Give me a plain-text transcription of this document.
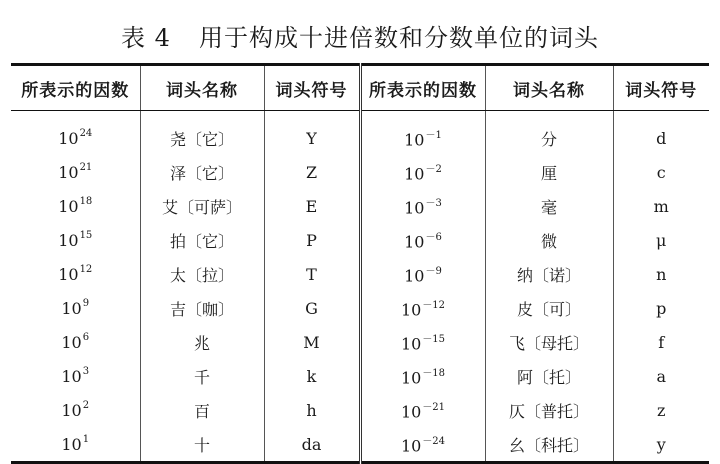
表 4 用于构成十进倍数和分数单位的词头
所表示的因数	词头名称	词头符号	所表示的因数	词头名称	词头符号
$10^{24}$	尧〔它〕	Y	$10^{-1}$	分	d
$10^{21}$	泽〔它〕	Z	$10^{-2}$	厘	c
$10^{18}$	艾〔可萨〕	E	$10^{-3}$	毫	m
$10^{15}$	拍〔它〕	P	$10^{-6}$	微	μ
$10^{12}$	太〔拉〕	T	$10^{-9}$	纳〔诺〕	n
$10^9$	吉〔咖〕	G	$10^{-12}$	皮〔可〕	p
$10^6$	兆	M	$10^{-15}$	飞〔母托〕	f
$10^3$	千	k	$10^{-18}$	阿〔托〕	a
$10^2$	百	h	$10^{-21}$	仄〔普托〕	z
$10^1$	十	da	$10^{-24}$	幺〔科托〕	y
